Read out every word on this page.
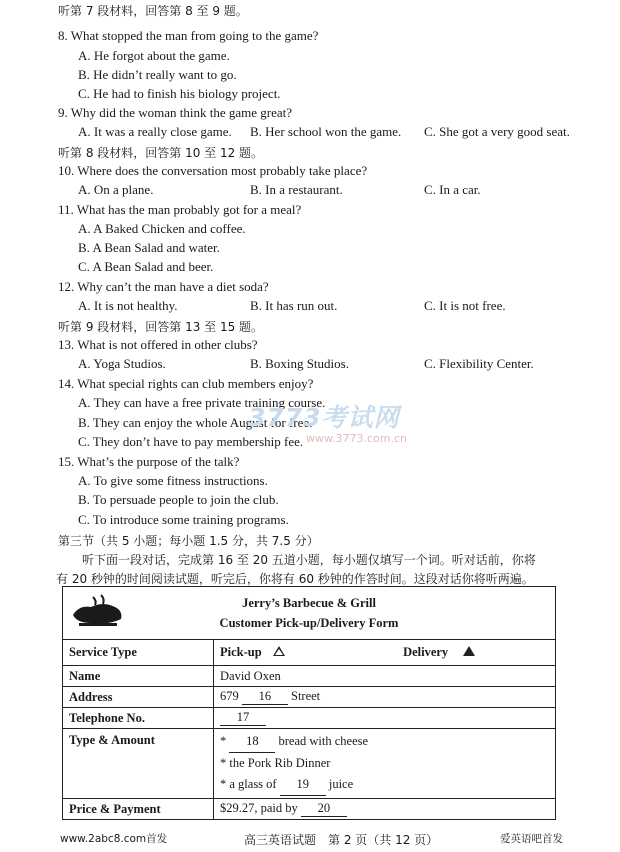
听第 7 段材料，回答第 8 至 9 题。
8. What stopped the man from going to the game?
A. He forgot about the game.
B. He didn’t really want to go.
C. He had to finish his biology project.
9. Why did the woman think the game great?
A. It was a really close game. B. Her school won the game. C. She got a very good seat.
听第 8 段材料，回答第 10 至 12 题。
10. Where does the conversation most probably take place?
A. On a plane.	B. In a restaurant.	C. In a car.
11. What has the man probably got for a meal?
A. A Baked Chicken and coffee.
B. A Bean Salad and water.
C. A Bean Salad and beer.
12. Why can’t the man have a diet soda?
A. It is not healthy.	B. It has run out.	C. It is not free.
听第 9 段材料，回答第 13 至 15 题。
13. What is not offered in other clubs?
A. Yoga Studios.	B. Boxing Studios.	C. Flexibility Center.
14. What special rights can club members enjoy?
A. They can have a free private training course.
B. They can enjoy the whole August for free.
C. They don’t have to pay membership fee.
3773考试网
www.3773.com.cn
15. What’s the purpose of the talk?
A. To give some fitness instructions.
B. To persuade people to join the club.
C. To introduce some training programs.
第三节（共 5 小题；每小题 1.5 分，共 7.5 分）
听下面一段对话，完成第 16 至 20 五道小题，每小题仅填写一个词。听对话前，你将
有 20 秒钟的时间阅读试题，听完后，你将有 60 秒钟的作答时间。这段对话你将听两遍。
Jerry’s Barbecue & Grill
Customer Pick-up/Delivery Form	

Service Type	Pick-up Delivery
Name	David Oxen
Address	679 16 Street
Telephone No.	17
Type & Amount	* 18 bread with cheese
* the Pork Rib Dinner
* a glass of 19 juice

Price & Payment	$29.27, paid by 20
www.2abc8.com首发	高三英语试题　第 2 页（共 12 页）	爱英语吧首发
